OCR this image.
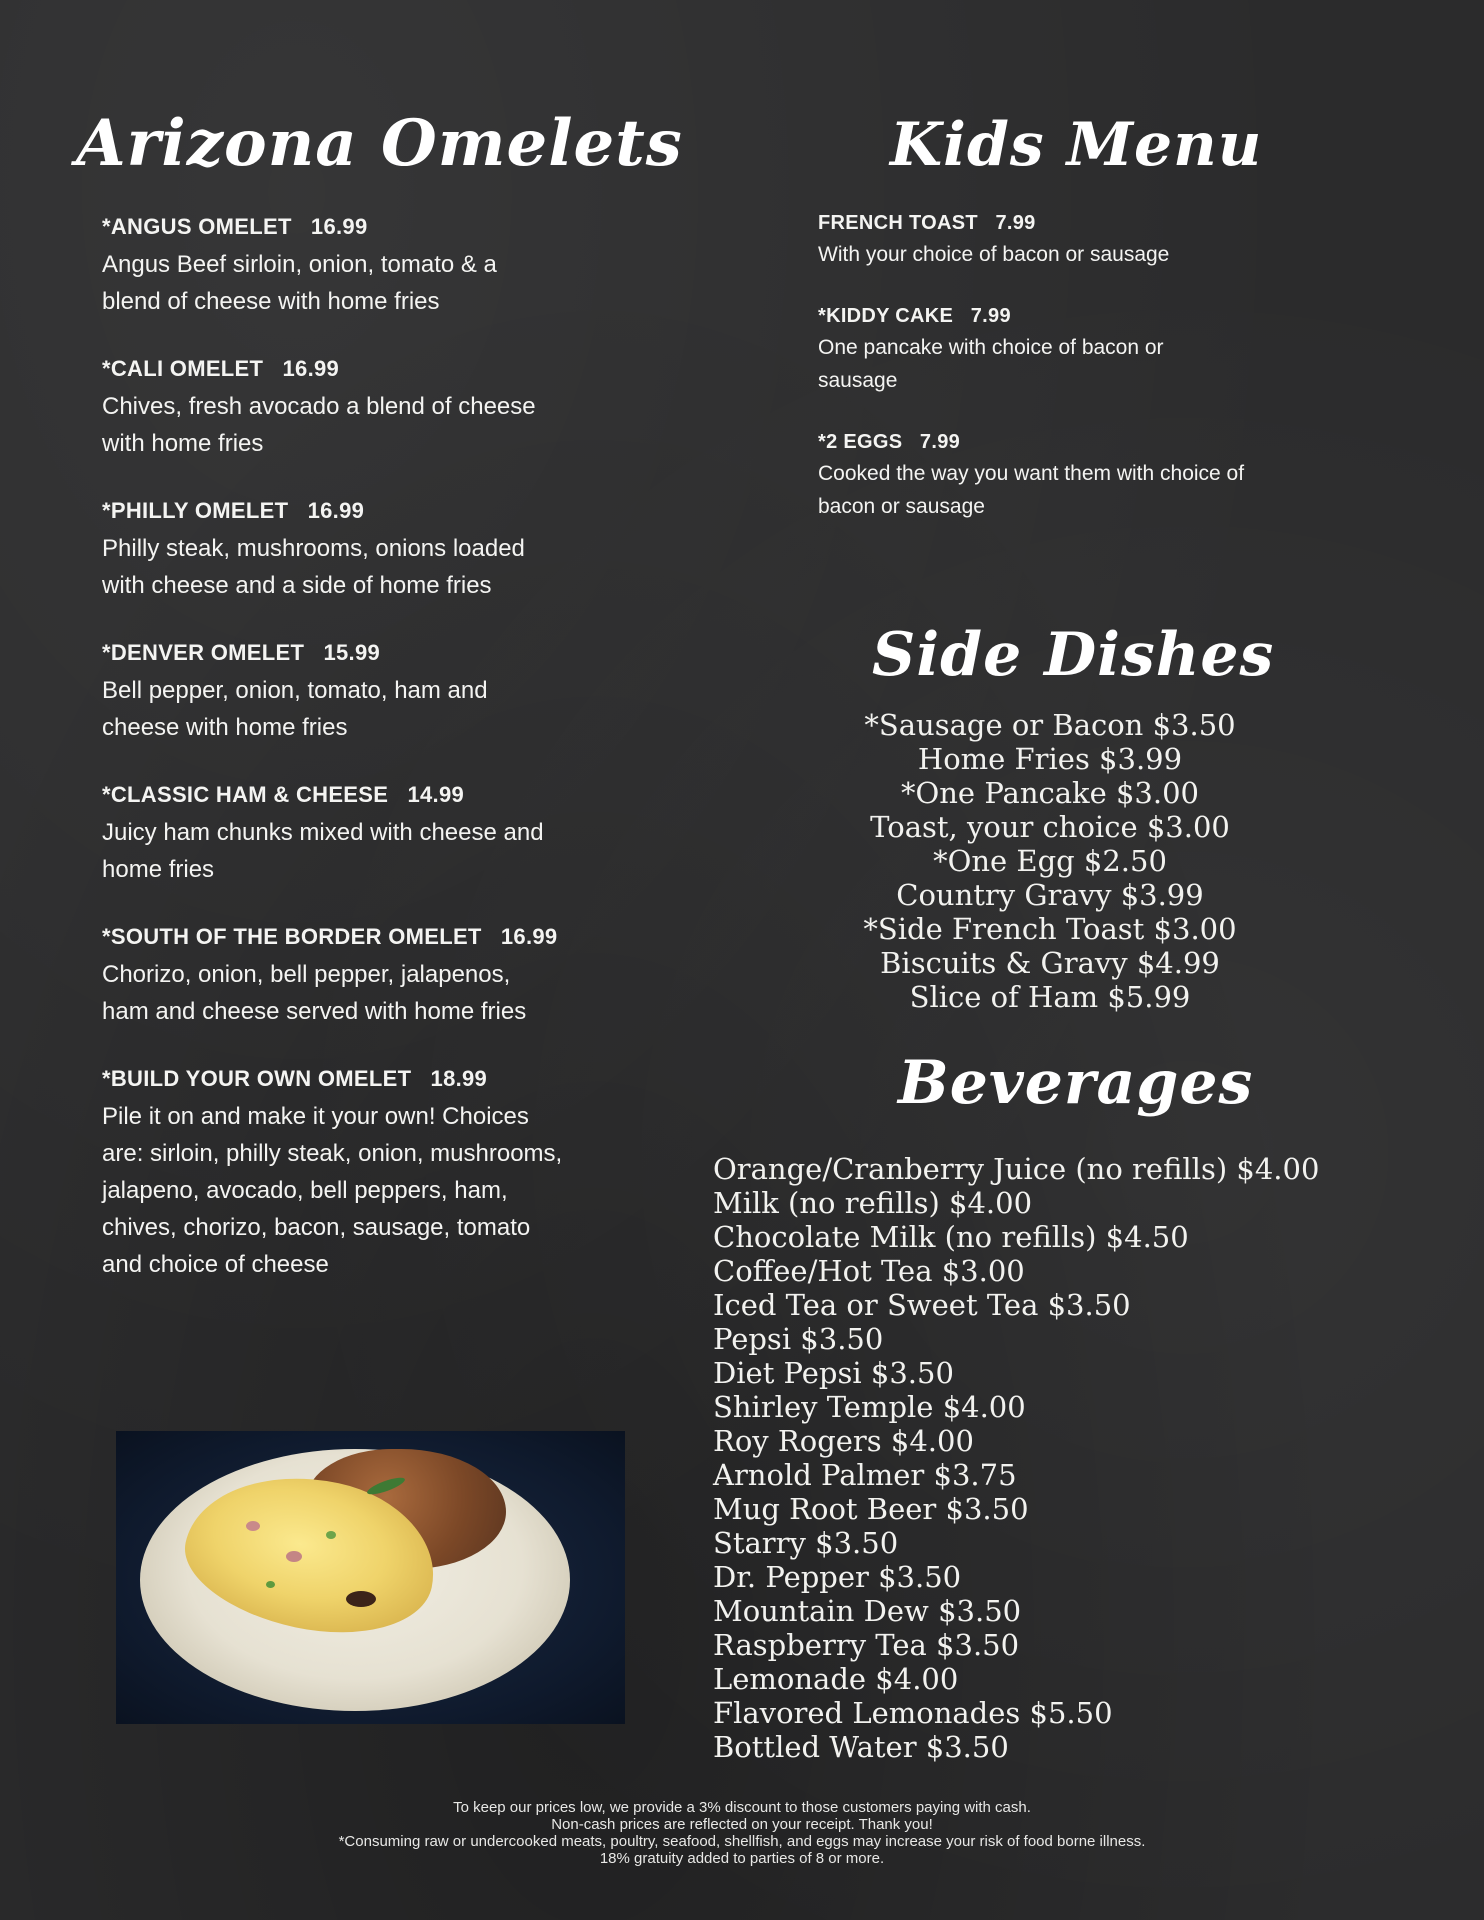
Arizona Omelets
*ANGUS OMELET   16.99
Angus Beef sirloin, onion, tomato & a
blend of cheese with home fries
*CALI OMELET   16.99
Chives, fresh avocado a blend of cheese
with home fries
*PHILLY OMELET   16.99
Philly steak, mushrooms, onions loaded
with cheese and a side of home fries
*DENVER OMELET   15.99
Bell pepper, onion, tomato, ham and
cheese with home fries
*CLASSIC HAM & CHEESE   14.99
Juicy ham chunks mixed with cheese and
home fries
*SOUTH OF THE BORDER OMELET   16.99
Chorizo, onion, bell pepper, jalapenos,
ham and cheese served with home fries
*BUILD YOUR OWN OMELET   18.99
Pile it on and make it your own! Choices
are: sirloin, philly steak, onion, mushrooms,
jalapeno, avocado, bell peppers, ham,
chives, chorizo, bacon, sausage, tomato
and choice of cheese
Kids Menu
FRENCH TOAST   7.99
With your choice of bacon or sausage
*KIDDY CAKE   7.99
One pancake with choice of bacon or
sausage
*2 EGGS   7.99
Cooked the way you want them with choice of
bacon or sausage
Side Dishes
*Sausage or Bacon $3.50
Home Fries $3.99
*One Pancake $3.00
Toast, your choice $3.00
*One Egg $2.50
Country Gravy $3.99
*Side French Toast $3.00
Biscuits & Gravy $4.99
Slice of Ham $5.99
Beverages
Orange/Cranberry Juice (no refills) $4.00
Milk (no refills) $4.00
Chocolate Milk (no refills) $4.50
Coffee/Hot Tea $3.00
Iced Tea or Sweet Tea $3.50
Pepsi $3.50
Diet Pepsi $3.50
Shirley Temple $4.00
Roy Rogers $4.00
Arnold Palmer $3.75
Mug Root Beer $3.50
Starry $3.50
Dr. Pepper $3.50
Mountain Dew $3.50
Raspberry Tea $3.50
Lemonade $4.00
Flavored Lemonades $5.50
Bottled Water $3.50
To keep our prices low, we provide a 3% discount to those customers paying with cash.
Non-cash prices are reflected on your receipt. Thank you!
*Consuming raw or undercooked meats, poultry, seafood, shellfish, and eggs may increase your risk of food borne illness.
18% gratuity added to parties of 8 or more.
